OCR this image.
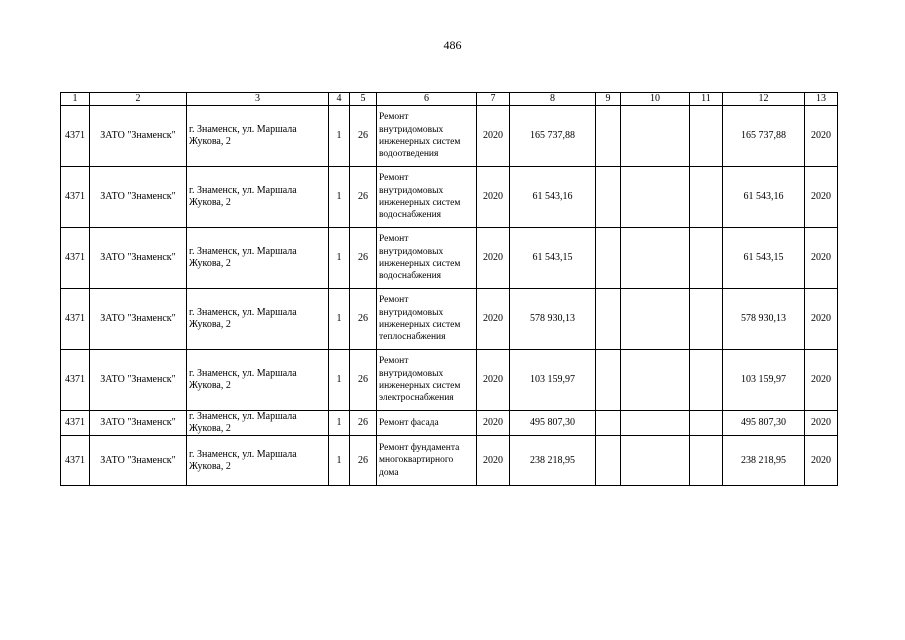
486
1	2	3	4	5	6	7	8	9	10	11	12	13
4371	ЗАТО "Знаменск"	г. Знаменск, ул. Маршала Жукова, 2	1	26	Ремонт внутридомовых инженерных систем водоотведения	2020	165 737,88				165 737,88	2020
4371	ЗАТО "Знаменск"	г. Знаменск, ул. Маршала Жукова, 2	1	26	Ремонт внутридомовых инженерных систем водоснабжения	2020	61 543,16				61 543,16	2020
4371	ЗАТО "Знаменск"	г. Знаменск, ул. Маршала Жукова, 2	1	26	Ремонт внутридомовых инженерных систем водоснабжения	2020	61 543,15				61 543,15	2020
4371	ЗАТО "Знаменск"	г. Знаменск, ул. Маршала Жукова, 2	1	26	Ремонт внутридомовых инженерных систем теплоснабжения	2020	578 930,13				578 930,13	2020
4371	ЗАТО "Знаменск"	г. Знаменск, ул. Маршала Жукова, 2	1	26	Ремонт внутридомовых инженерных систем электроснабжения	2020	103 159,97				103 159,97	2020
4371	ЗАТО "Знаменск"	г. Знаменск, ул. Маршала Жукова, 2	1	26	Ремонт фасада	2020	495 807,30				495 807,30	2020
4371	ЗАТО "Знаменск"	г. Знаменск, ул. Маршала Жукова, 2	1	26	Ремонт фундамента многоквартирного дома	2020	238 218,95				238 218,95	2020
